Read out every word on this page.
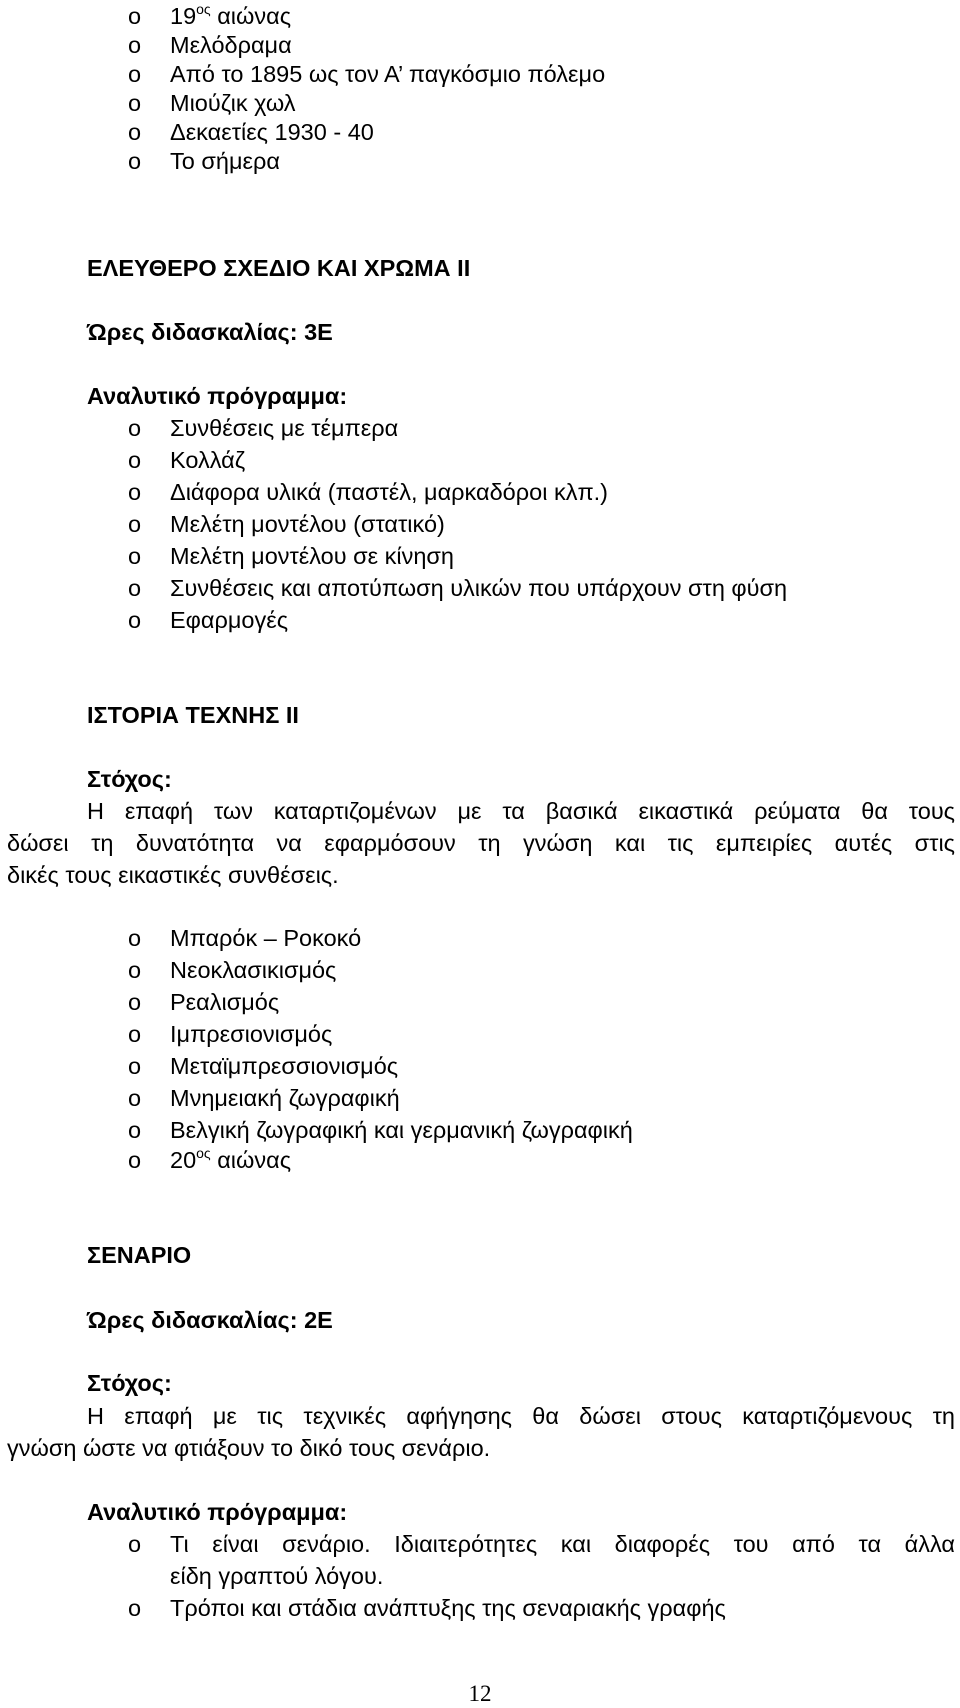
o $19^{o\varsigma}$ αιώνας
o Μελόδραμα
o Από το 1895 ως τον Α’ παγκόσμιο πόλεμο
o Μιούζικ χωλ
o Δεκαετίες 1930 - 40
o Το σήμερα
ΕΛΕΥΘΕΡΟ ΣΧΕΔΙΟ ΚΑΙ ΧΡΩΜΑ ΙΙ
Ώρες διδασκαλίας: 3Ε
Αναλυτικό πρόγραμμα:
o Συνθέσεις με τέμπερα
o Κολλάζ
o Διάφορα υλικά (παστέλ, μαρκαδόροι κλπ.)
o Μελέτη μοντέλου (στατικό)
o Μελέτη μοντέλου σε κίνηση
o Συνθέσεις και αποτύπωση υλικών που υπάρχουν στη φύση
o Εφαρμογές
ΙΣΤΟΡΙΑ ΤΕΧΝΗΣ ΙΙ
Στόχος:
Η επαφή των καταρτιζομένων με τα βασικά εικαστικά ρεύματα θα τους
δώσει τη δυνατότητα να εφαρμόσουν τη γνώση και τις εμπειρίες αυτές στις
δικές τους εικαστικές συνθέσεις.
o Μπαρόκ – Ροκοκό
o Νεοκλασικισμός
o Ρεαλισμός
o Ιμπρεσιονισμός
o Μεταϊμπρεσσιονισμός
o Μνημειακή ζωγραφική
o Βελγική ζωγραφική και γερμανική ζωγραφική
o $20^{o\varsigma}$ αιώνας
ΣΕΝΑΡΙΟ
Ώρες διδασκαλίας: 2Ε
Στόχος:
Η επαφή με τις τεχνικές αφήγησης θα δώσει στους καταρτιζόμενους τη
γνώση ώστε να φτιάξουν το δικό τους σενάριο.
Αναλυτικό πρόγραμμα:
o Τι είναι σενάριο. Ιδιαιτερότητες και διαφορές του από τα άλλα
είδη γραπτού λόγου.
o Τρόποι και στάδια ανάπτυξης της σεναριακής γραφής
12
